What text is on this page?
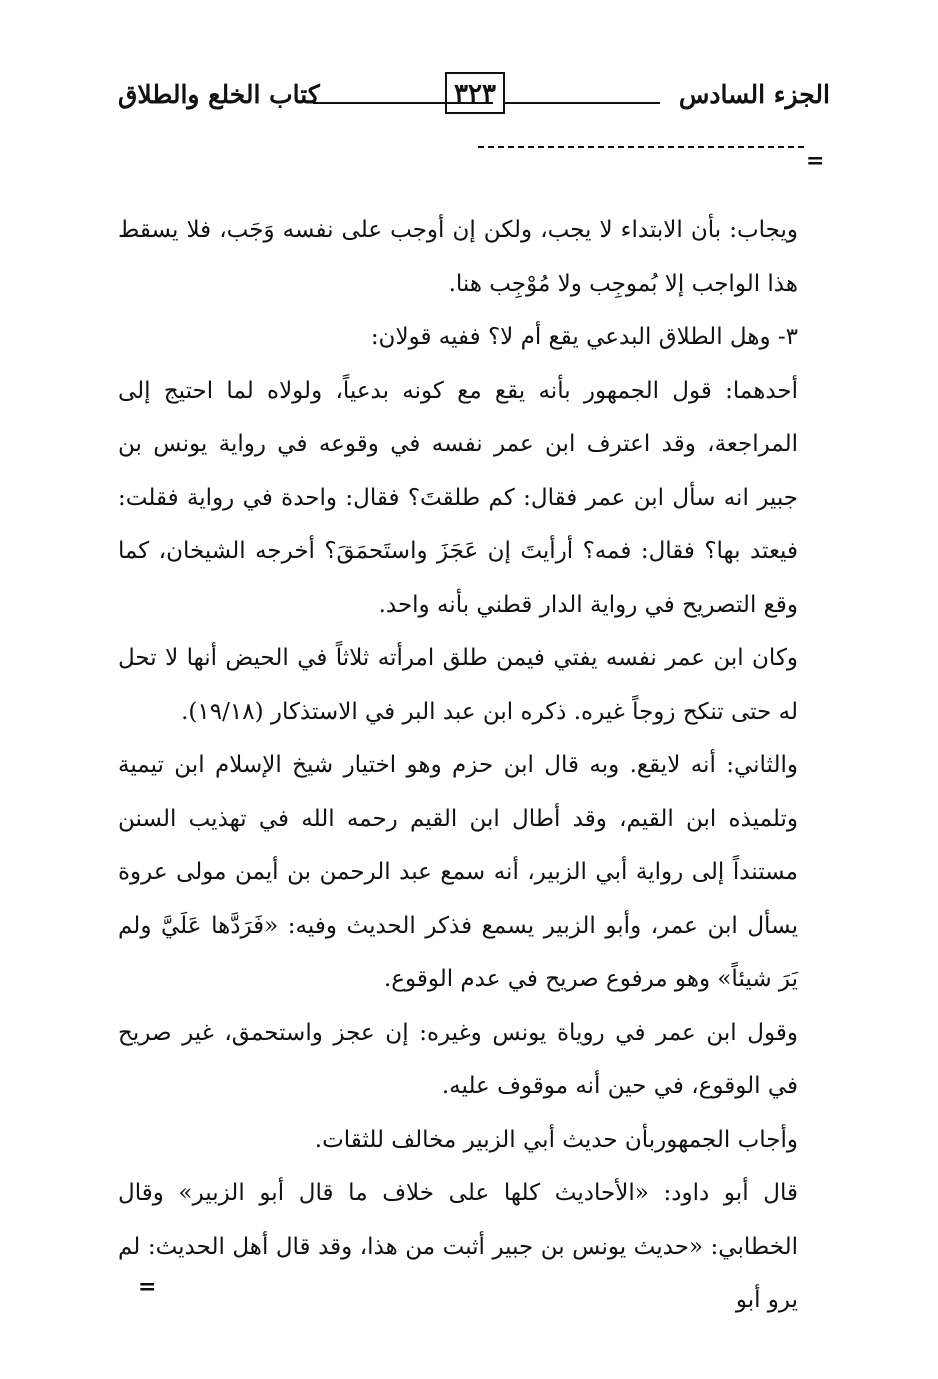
الجزء السادس
٣٢٣
كتاب الخلع والطلاق
=

ويجاب: بأن الابتداء لا يجب، ولكن إن أوجب على نفسه وَجَب، فلا يسقط هذا الواجب إلا بُموجِب ولا مُوْجِب هنا.

٣- وهل الطلاق البدعي يقع أم لا؟ ففيه قولان:

أحدهما: قول الجمهور بأنه يقع مع كونه بدعياً، ولولاه لما احتيج إلى المراجعة، وقد اعترف ابن عمر نفسه في وقوعه في رواية يونس بن جبير انه سأل ابن عمر فقال: كم طلقتَ؟ فقال: واحدة في رواية فقلت: فيعتد بها؟ فقال: فمه؟ أرأيتَ إن عَجَزَ واستَحمَقَ؟ أخرجه الشيخان، كما وقع التصريح في رواية الدار قطني بأنه واحد.

وكان ابن عمر نفسه يفتي فيمن طلق امرأته ثلاثاً في الحيض أنها لا تحل له حتى تنكح زوجاً غيره. ذكره ابن عبد البر في الاستذكار (١٩/١٨).

والثاني: أنه لايقع. وبه قال ابن حزم وهو اختيار شيخ الإسلام ابن تيمية وتلميذه ابن القيم، وقد أطال ابن القيم رحمه الله في تهذيب السنن مستنداً إلى رواية أبي الزبير، أنه سمع عبد الرحمن بن أيمن مولى عروة يسأل ابن عمر، وأبو الزبير يسمع فذكر الحديث وفيه: «فَرَدَّها عَلَيَّ ولم يَرَ شيئاً» وهو مرفوع صريح في عدم الوقوع.

وقول ابن عمر في روياة يونس وغيره: إن عجز واستحمق، غير صريح في الوقوع، في حين أنه موقوف عليه.

وأجاب الجمهوربأن حديث أبي الزبير مخالف للثقات.

قال أبو داود: «الأحاديث كلها على خلاف ما قال أبو الزبير» وقال الخطابي: «حديث يونس بن جبير أثبت من هذا، وقد قال أهل الحديث: لم يرو أبو

=
